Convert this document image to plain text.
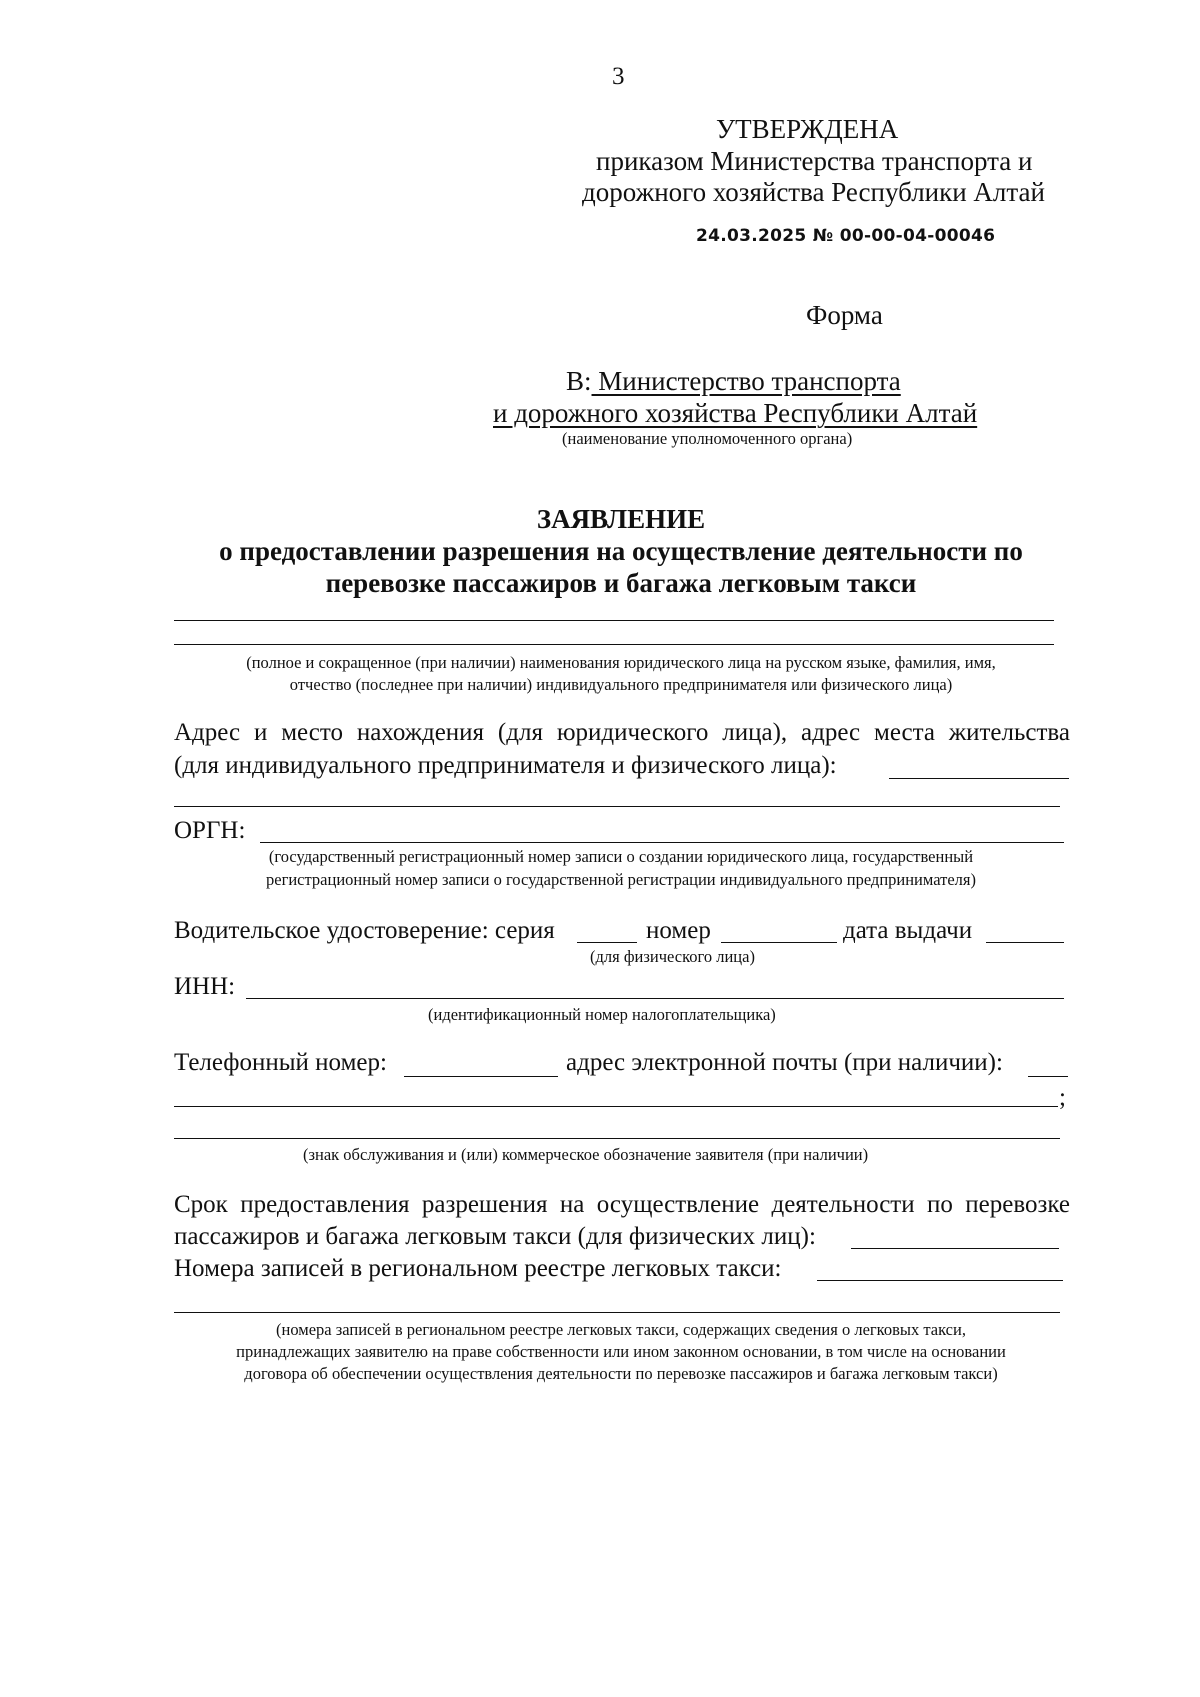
3
УТВЕРЖДЕНА
приказом Министерства транспорта и
дорожного хозяйства Республики Алтай
24.03.2025 № 00-00-04-00046
Форма
В: Министерство транспорта
и дорожного хозяйства Республики Алтай
(наименование уполномоченного органа)
ЗАЯВЛЕНИЕ
о предоставлении разрешения на осуществление деятельности по
перевозке пассажиров и багажа легковым такси
(полное и сокращенное (при наличии) наименования юридического лица на русском языке, фамилия, имя,
отчество (последнее при наличии) индивидуального предпринимателя или физического лица)
Адрес и место нахождения (для юридического лица), адрес места жительства
(для индивидуального предпринимателя и физического лица):
ОРГН:
(государственный регистрационный номер записи о создании юридического лица, государственный
регистрационный номер записи о государственной регистрации индивидуального предпринимателя)
Водительское удостоверение: серия	номер	дата выдачи
(для физического лица)
ИНН:
(идентификационный номер налогоплательщика)
Телефонный номер:	адрес электронной почты (при наличии):
;
(знак обслуживания и (или) коммерческое обозначение заявителя (при наличии)
Срок предоставления разрешения на осуществление деятельности по перевозке
пассажиров и багажа легковым такси (для физических лиц):
Номера записей в региональном реестре легковых такси:
(номера записей в региональном реестре легковых такси, содержащих сведения о легковых такси,
принадлежащих заявителю на праве собственности или ином законном основании, в том числе на основании
договора об обеспечении осуществления деятельности по перевозке пассажиров и багажа легковым такси)
